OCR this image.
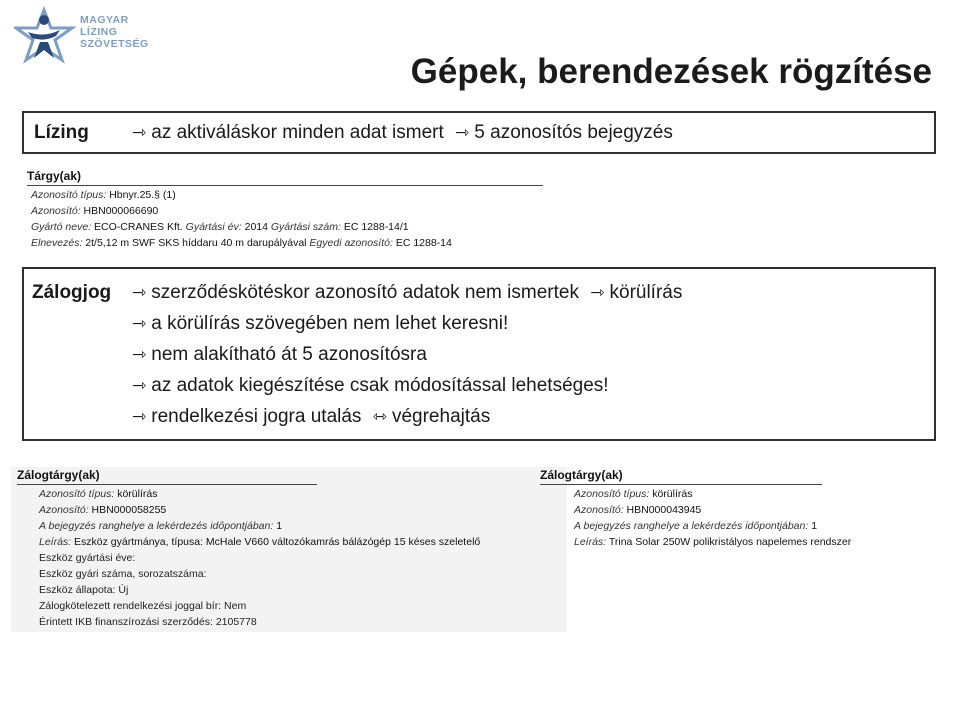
MAGYAR
LÍZING
SZÖVETSÉG
Gépek, berendezések rögzítése
Lízing	⇾ az aktiváláskor minden adat ismert ⇾ 5 azonosítós bejegyzés
Tárgy(ak)
Azonosító típus: Hbnyr.25.§ (1)
Azonosító: HBN000066690
Gyártó neve: ECO-CRANES Kft. Gyártási év: 2014 Gyártási szám: EC 1288-14/1
Elnevezés: 2t/5,12 m SWF SKS híddaru 40 m darupályával Egyedi azonosító: EC 1288-14
Zálogjog ⇾ szerződéskötéskor azonosító adatok nem ismertek ⇾ körülírás
⇾ a körülírás szövegében nem lehet keresni!
⇾ nem alakítható át 5 azonosítósra
⇾ az adatok kiegészítése csak módosítással lehetséges!
⇾ rendelkezési jogra utalás ⇿ végrehajtás
Zálogtárgy(ak)
Azonosító típus: körülírás
Azonosító: HBN000058255
A bejegyzés ranghelye a lekérdezés időpontjában: 1
Leírás: Eszköz gyártmánya, típusa: McHale V660 változókamrás bálázógép 15 késes szeletelő
Eszköz gyártási éve:
Eszköz gyári száma, sorozatszáma:
Eszköz állapota: Új
Zálogkötelezett rendelkezési joggal bír: Nem
Érintett IKB finanszírozási szerződés: 2105778
Zálogtárgy(ak)
Azonosító típus: körülírás
Azonosító: HBN000043945
A bejegyzés ranghelye a lekérdezés időpontjában: 1
Leírás: Trina Solar 250W polikristályos napelemes rendszer
